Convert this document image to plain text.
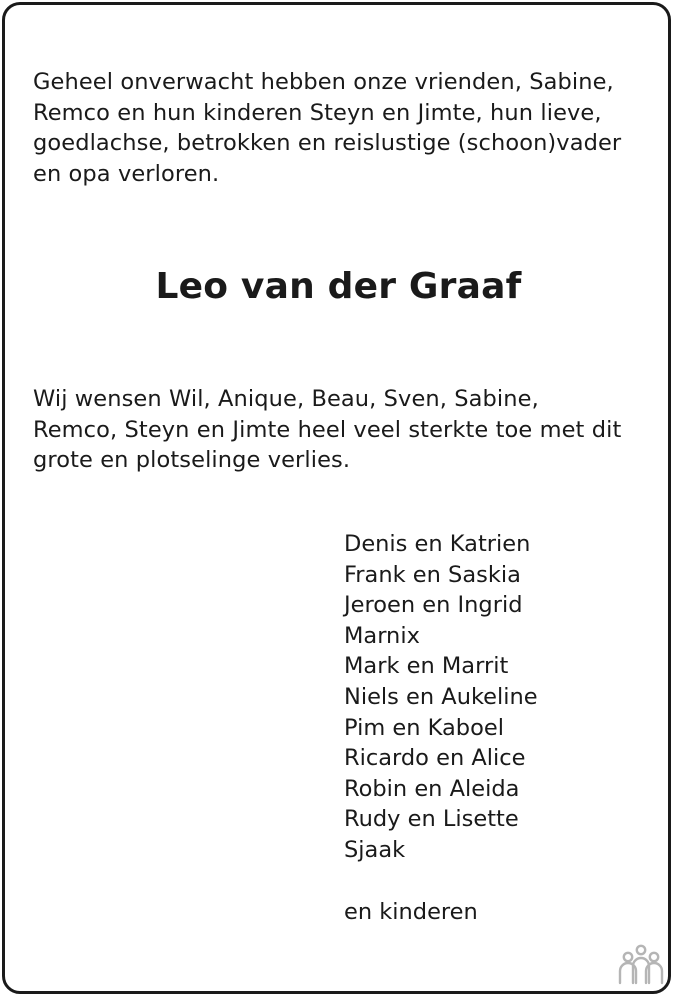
Geheel onverwacht hebben onze vrienden, Sabine,
Remco en hun kinderen Steyn en Jimte, hun lieve,
goedlachse, betrokken en reislustige (schoon)vader
en opa verloren.

Leo van der Graaf

Wij wensen Wil, Anique, Beau, Sven, Sabine,
Remco, Steyn en Jimte heel veel sterkte toe met dit
grote en plotselinge verlies.

Denis en Katrien
Frank en Saskia
Jeroen en Ingrid
Marnix
Mark en Marrit
Niels en Aukeline
Pim en Kaboel
Ricardo en Alice
Robin en Aleida
Rudy en Lisette
Sjaak
en kinderen
